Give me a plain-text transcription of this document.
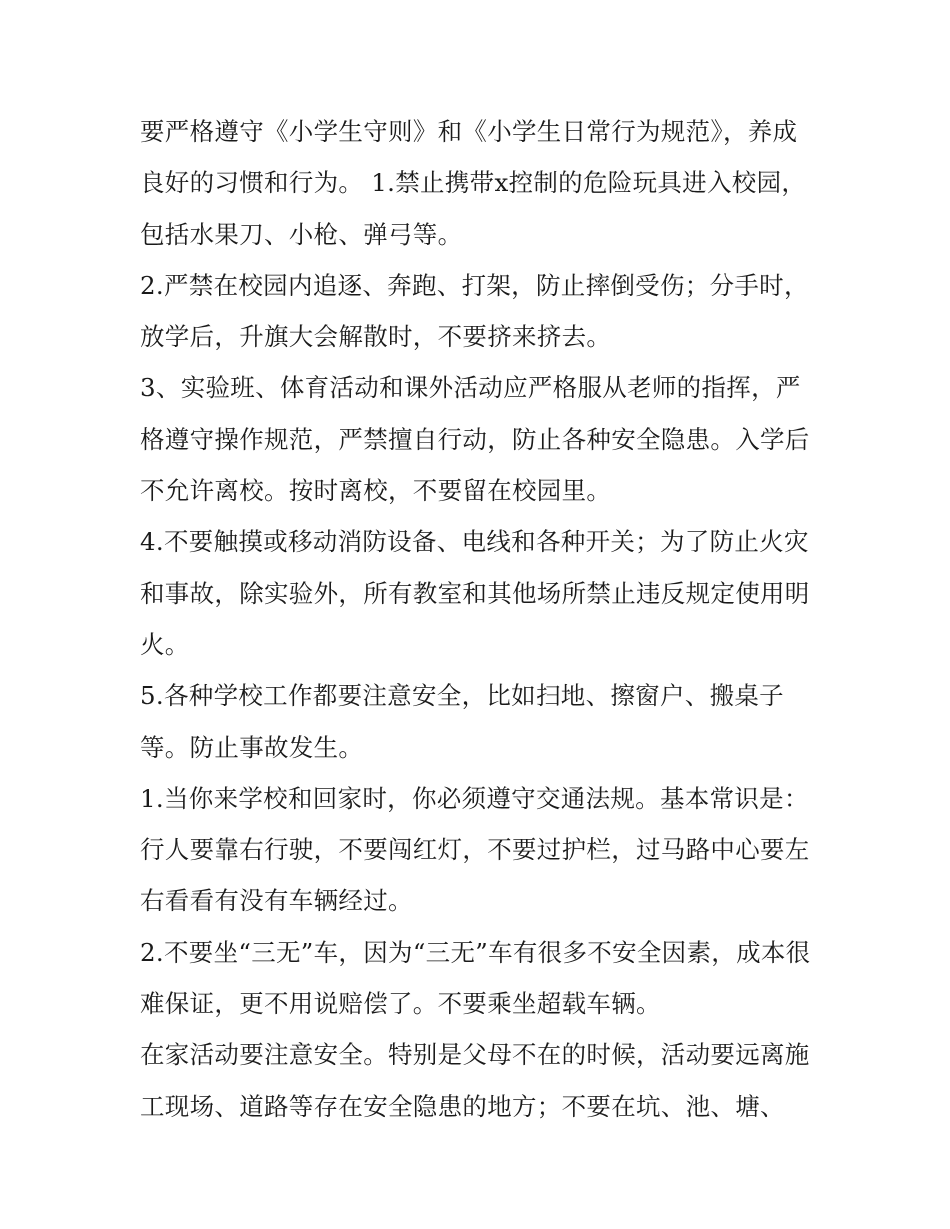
要严格遵守《小学生守则》和《小学生日常行为规范》，养成

良好的习惯和行为。 1.禁止携带x控制的危险玩具进入校园，

包括水果刀、小枪、弹弓等。

2.严禁在校园内追逐、奔跑、打架，防止摔倒受伤；分手时，

放学后，升旗大会解散时，不要挤来挤去。

3、实验班、体育活动和课外活动应严格服从老师的指挥，严

格遵守操作规范，严禁擅自行动，防止各种安全隐患。入学后

不允许离校。按时离校，不要留在校园里。

4.不要触摸或移动消防设备、电线和各种开关；为了防止火灾

和事故，除实验外，所有教室和其他场所禁止违反规定使用明

火。

5.各种学校工作都要注意安全，比如扫地、擦窗户、搬桌子

等。防止事故发生。

1.当你来学校和回家时，你必须遵守交通法规。基本常识是：

行人要靠右行驶，不要闯红灯，不要过护栏，过马路中心要左

右看看有没有车辆经过。

2.不要坐“三无”车，因为“三无”车有很多不安全因素，成本很

难保证，更不用说赔偿了。不要乘坐超载车辆。

在家活动要注意安全。特别是父母不在的时候，活动要远离施

工现场、道路等存在安全隐患的地方；不要在坑、池、塘、
